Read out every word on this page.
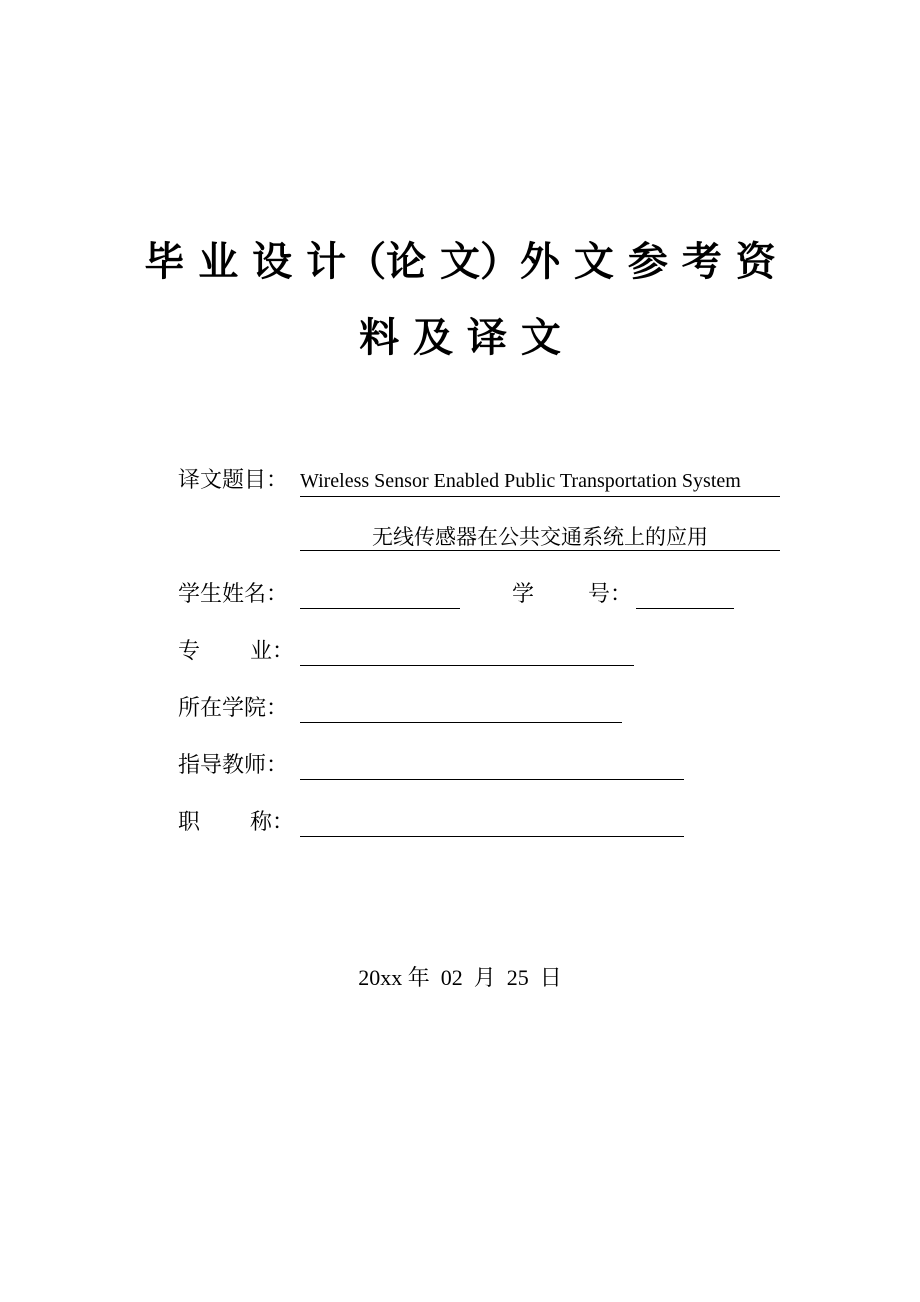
毕 业 设 计（论 文）外 文 参 考 资
料 及 译 文
译文题目： Wireless Sensor Enabled Public Transportation System
无线传感器在公共交通系统上的应用
学生姓名：	学 号：
专 业：
所在学院：
指导教师：
职 称：
20xx 年  02  月  25  日
